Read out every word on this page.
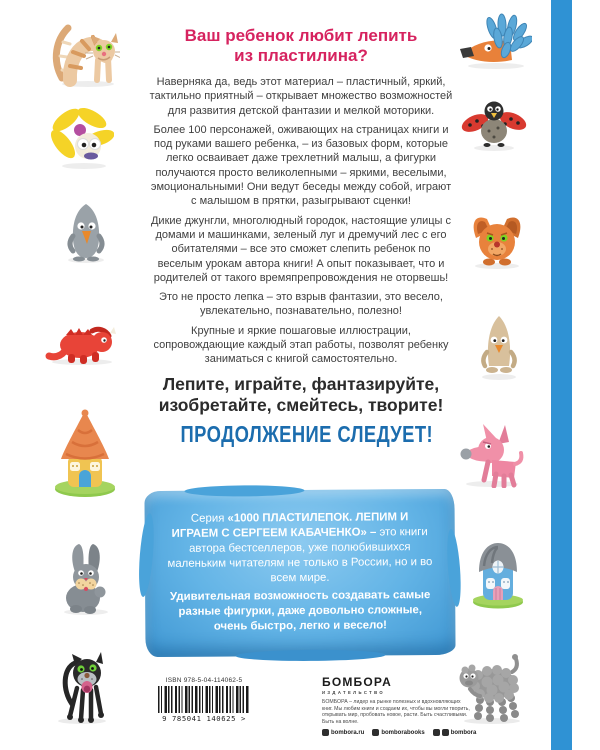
Ваш ребенок любит лепить
из пластилина?

Наверняка да, ведь этот материал – пластичный, яркий, тактильно приятный – открывает множество возможностей для развития детской фантазии и мелкой моторики.

Более 100 персонажей, оживающих на страницах книги и под руками вашего ребенка, – из базовых форм, которые легко осваивает даже трехлетний малыш, а фигурки получаются просто великолепными – яркими, веселыми, эмоциональными! Они ведут беседы между собой, играют с малышом в прятки, разыгрывают сценки!

Дикие джунгли, многолюдный городок, настоящие улицы с домами и машинками, зеленый луг и дремучий лес с его обитателями – все это сможет слепить ребенок по веселым урокам автора книги! А опыт показывает, что и родителей от такого времяпрепровождения не оторвешь!

Это не просто лепка – это взрыв фантазии, это весело, увлекательно, познавательно, полезно!

Крупные и яркие пошаговые иллюстрации, сопровождающие каждый этап работы, позволят ребенку заниматься с книгой самостоятельно.

Лепите, играйте, фантазируйте,
изобретайте, смейтесь, творите!
ПРОДОЛЖЕНИЕ СЛЕДУЕТ!
Серия «1000 ПЛАСТИЛЕПОК. ЛЕПИМ И ИГРАЕМ С СЕРГЕЕМ КАБАЧЕНКО» – это книги автора бестселлеров, уже полюбившихся маленьким читателям не только в России, но и во всем мире.
Удивительная возможность создавать самые разные фигурки, даже довольно сложные, очень быстро, легко и весело!
ISBN 978-5-04-114062-5
9 785041 140625 >
БОМБОРА
ИЗДАТЕЛЬСТВО
БОМБОРА – лидер на рынке полезных и вдохновляющих книг. Мы любим книги и создаем их, чтобы вы могли творить, открывать мир, пробовать новое, расти. Быть счастливыми. Быть на волне.
bombora.ru	bomborabooks	bombora
